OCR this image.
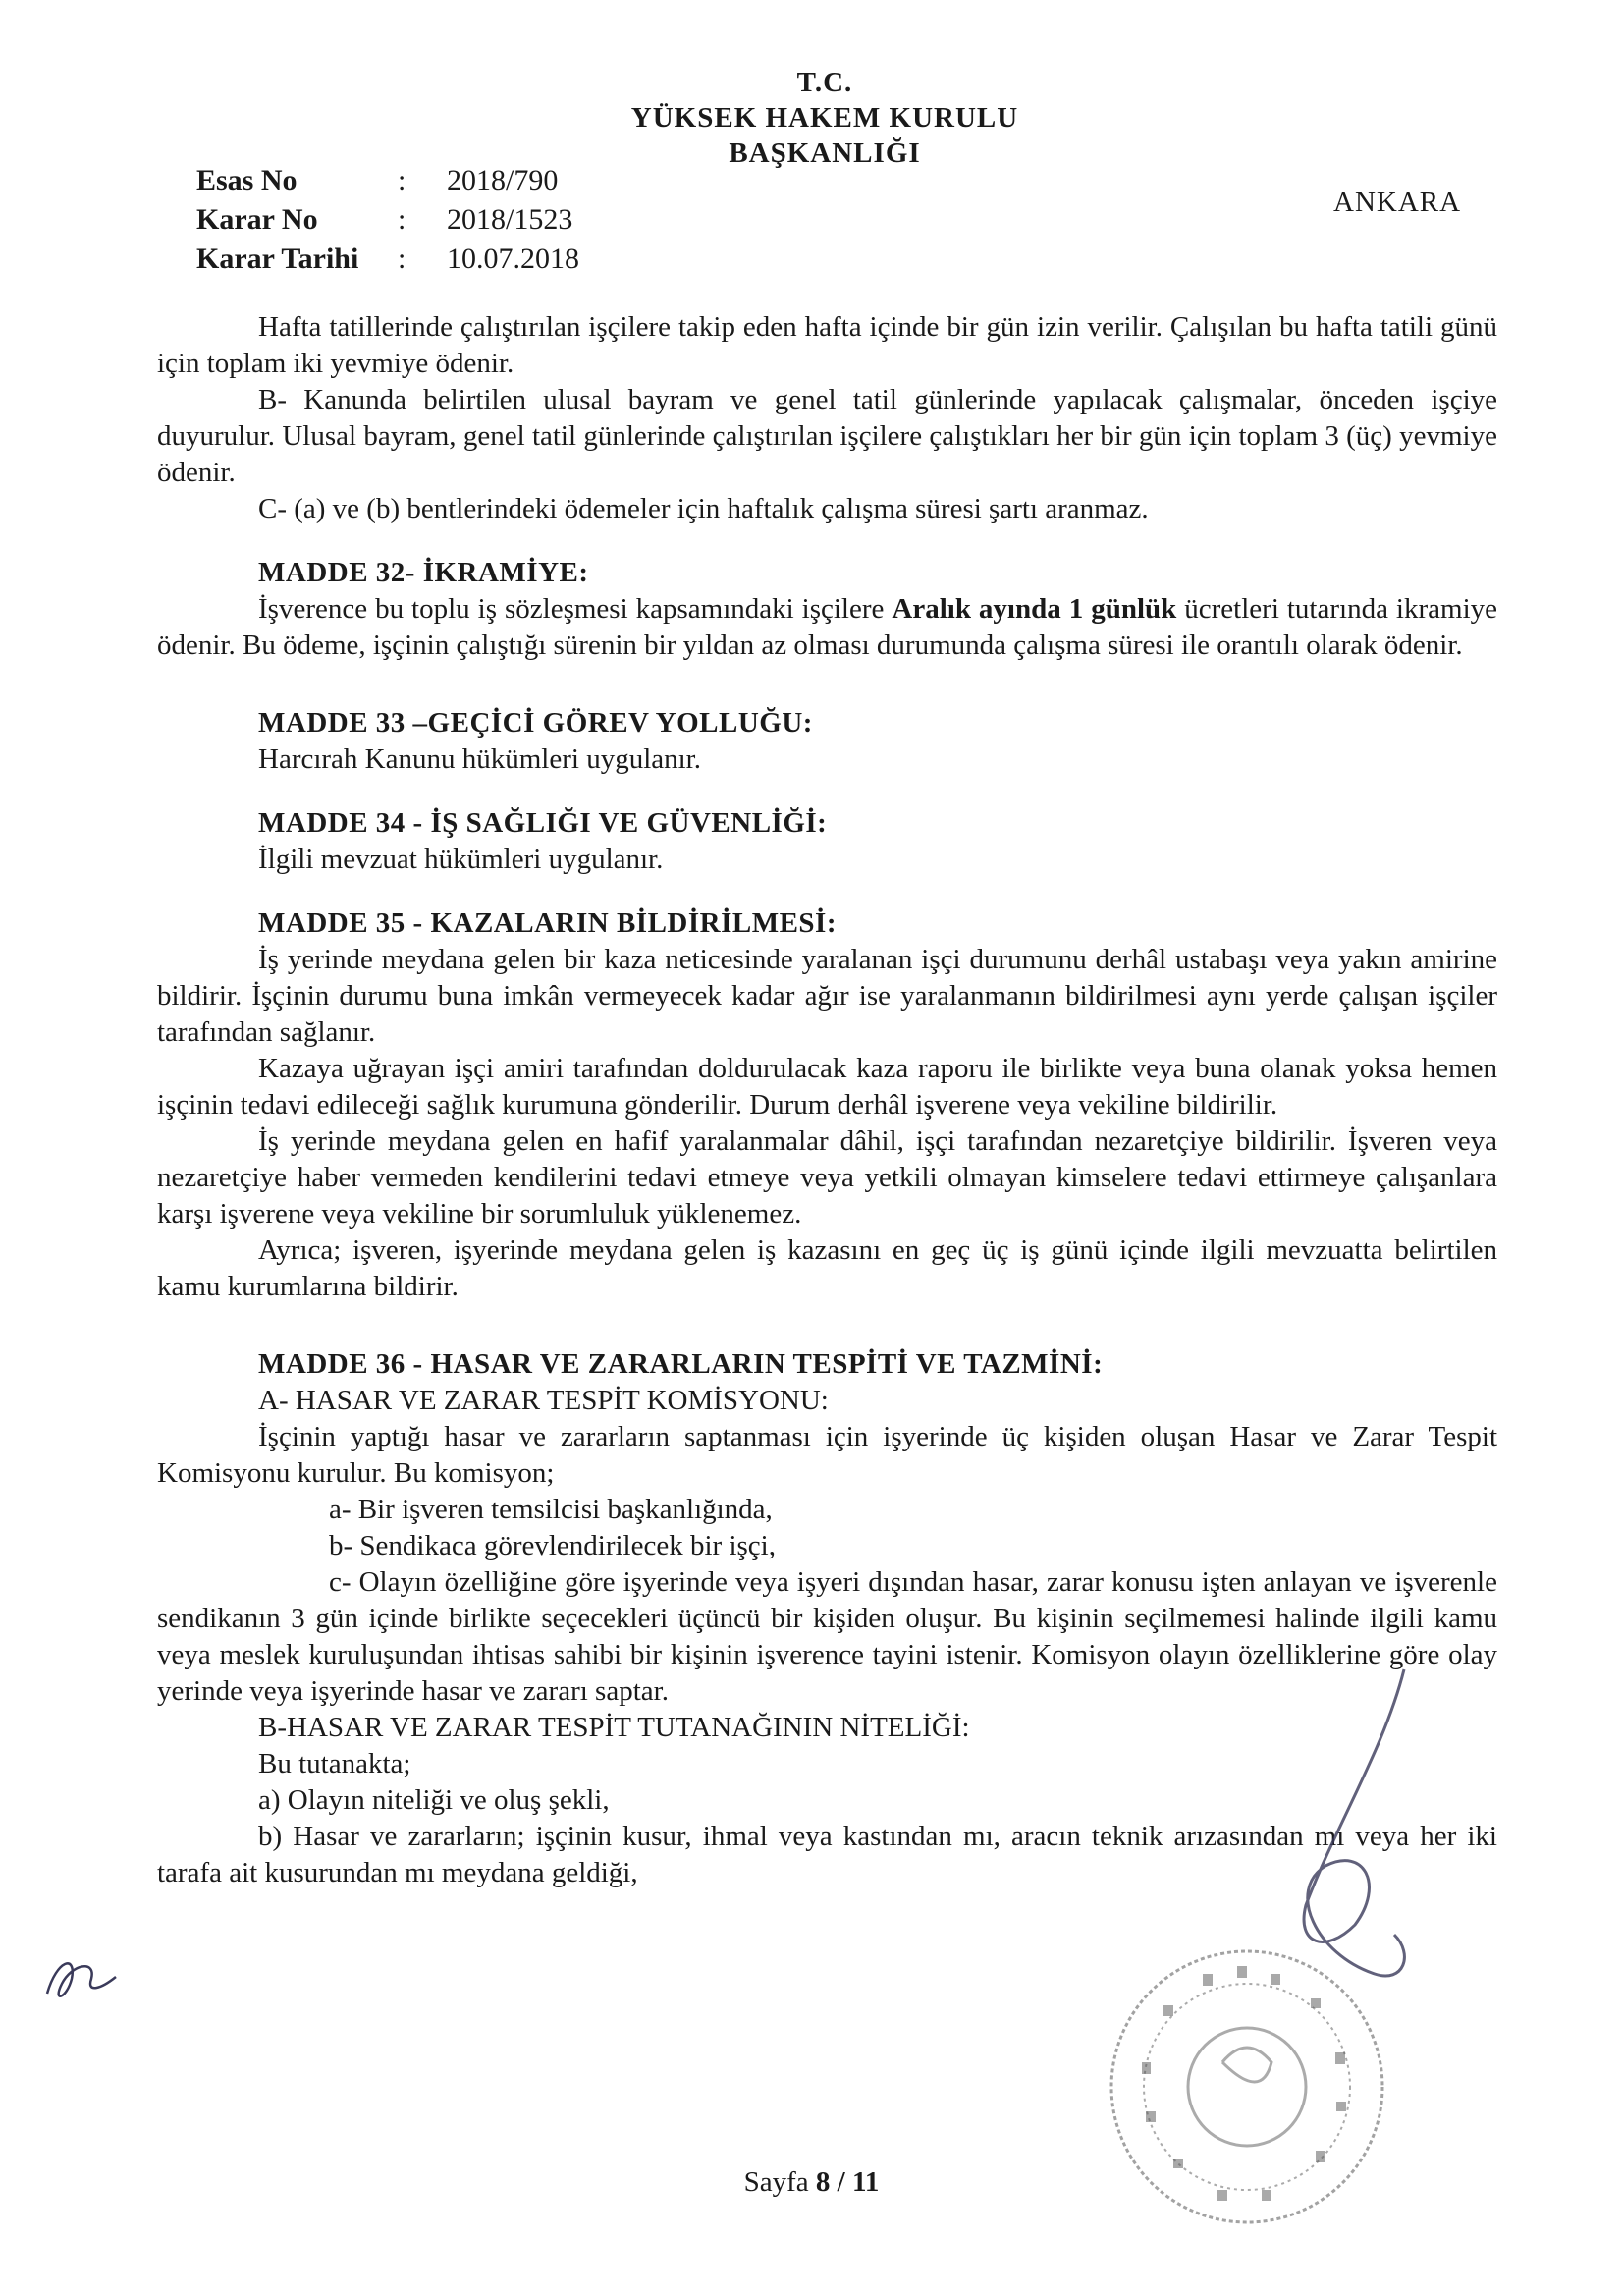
T.C.
YÜKSEK HAKEM KURULU
BAŞKANLIĞI
Esas No	:	2018/790
Karar No	:	2018/1523
Karar Tarihi	:	10.07.2018
ANKARA

Hafta tatillerinde çalıştırılan işçilere takip eden hafta içinde bir gün izin verilir. Çalışılan bu hafta tatili günü için toplam iki yevmiye ödenir.

B- Kanunda belirtilen ulusal bayram ve genel tatil günlerinde yapılacak çalışmalar, önceden işçiye duyurulur. Ulusal bayram, genel tatil günlerinde çalıştırılan işçilere çalıştıkları her bir gün için toplam 3 (üç) yevmiye ödenir.

C- (a) ve (b) bentlerindeki ödemeler için haftalık çalışma süresi şartı aranmaz.

MADDE 32- İKRAMİYE:

İşverence bu toplu iş sözleşmesi kapsamındaki işçilere Aralık ayında 1 günlük ücretleri tutarında ikramiye ödenir. Bu ödeme, işçinin çalıştığı sürenin bir yıldan az olması durumunda çalışma süresi ile orantılı olarak ödenir.

MADDE 33 –GEÇİCİ GÖREV YOLLUĞU:

Harcırah Kanunu hükümleri uygulanır.

MADDE 34 - İŞ SAĞLIĞI VE GÜVENLİĞİ:

İlgili mevzuat hükümleri uygulanır.

MADDE 35 - KAZALARIN BİLDİRİLMESİ:

İş yerinde meydana gelen bir kaza neticesinde yaralanan işçi durumunu derhâl ustabaşı veya yakın amirine bildirir. İşçinin durumu buna imkân vermeyecek kadar ağır ise yaralanmanın bildirilmesi aynı yerde çalışan işçiler tarafından sağlanır.

Kazaya uğrayan işçi amiri tarafından doldurulacak kaza raporu ile birlikte veya buna olanak yoksa hemen işçinin tedavi edileceği sağlık kurumuna gönderilir. Durum derhâl işverene veya vekiline bildirilir.

İş yerinde meydana gelen en hafif yaralanmalar dâhil, işçi tarafından nezaretçiye bildirilir. İşveren veya nezaretçiye haber vermeden kendilerini tedavi etmeye veya yetkili olmayan kimselere tedavi ettirmeye çalışanlara karşı işverene veya vekiline bir sorumluluk yüklenemez.

Ayrıca; işveren, işyerinde meydana gelen iş kazasını en geç üç iş günü içinde ilgili mevzuatta belirtilen kamu kurumlarına bildirir.

MADDE 36 - HASAR VE ZARARLARIN TESPİTİ VE TAZMİNİ:

A- HASAR VE ZARAR TESPİT KOMİSYONU:

İşçinin yaptığı hasar ve zararların saptanması için işyerinde üç kişiden oluşan Hasar ve Zarar Tespit Komisyonu kurulur. Bu komisyon;

a- Bir işveren temsilcisi başkanlığında,

b- Sendikaca görevlendirilecek bir işçi,

c- Olayın özelliğine göre işyerinde veya işyeri dışından hasar, zarar konusu işten anlayan ve işverenle sendikanın 3 gün içinde birlikte seçecekleri üçüncü bir kişiden oluşur. Bu kişinin seçilmemesi halinde ilgili kamu veya meslek kuruluşundan ihtisas sahibi bir kişinin işverence tayini istenir. Komisyon olayın özelliklerine göre olay yerinde veya işyerinde hasar ve zararı saptar.

B-HASAR VE ZARAR TESPİT TUTANAĞININ NİTELİĞİ:

Bu tutanakta;

a) Olayın niteliği ve oluş şekli,

b) Hasar ve zararların; işçinin kusur, ihmal veya kastından mı, aracın teknik arızasından mı veya her iki tarafa ait kusurundan mı meydana geldiği,

Sayfa 8 / 11
